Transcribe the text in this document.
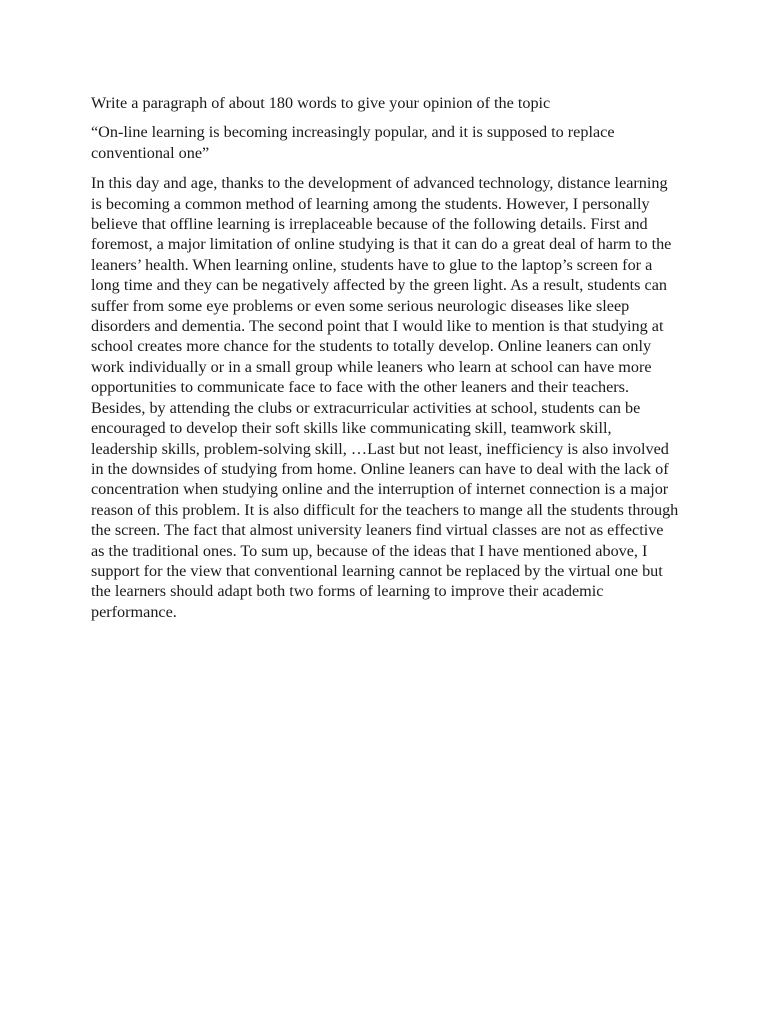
Write a paragraph of about 180 words to give your opinion of the topic

“On-line learning is becoming increasingly popular, and it is supposed to replace conventional one”

In this day and age, thanks to the development of advanced technology, distance learning is becoming a common method of learning among the students. However, I personally believe that offline learning is irreplaceable because of the following details. First and foremost, a major limitation of online studying is that it can do a great deal of harm to the leaners’ health. When learning online, students have to glue to the laptop’s screen for a long time and they can be negatively affected by the green light. As a result, students can suffer from some eye problems or even some serious neurologic diseases like sleep disorders and dementia. The second point that I would like to mention is that studying at school creates more chance for the students to totally develop. Online leaners can only work individually or in a small group while leaners who learn at school can have more opportunities to communicate face to face with the other leaners and their teachers. Besides, by attending the clubs or extracurricular activities at school, students can be encouraged to develop their soft skills like communicating skill, teamwork skill, leadership skills, problem-solving skill, …Last but not least, inefficiency is also involved in the downsides of studying from home. Online leaners can have to deal with the lack of concentration when studying online and the interruption of internet connection is a major reason of this problem. It is also difficult for the teachers to mange all the students through the screen. The fact that almost university leaners find virtual classes are not as effective as the traditional ones. To sum up, because of the ideas that I have mentioned above, I support for the view that conventional learning cannot be replaced by the virtual one but the learners should adapt both two forms of learning to improve their academic performance.
